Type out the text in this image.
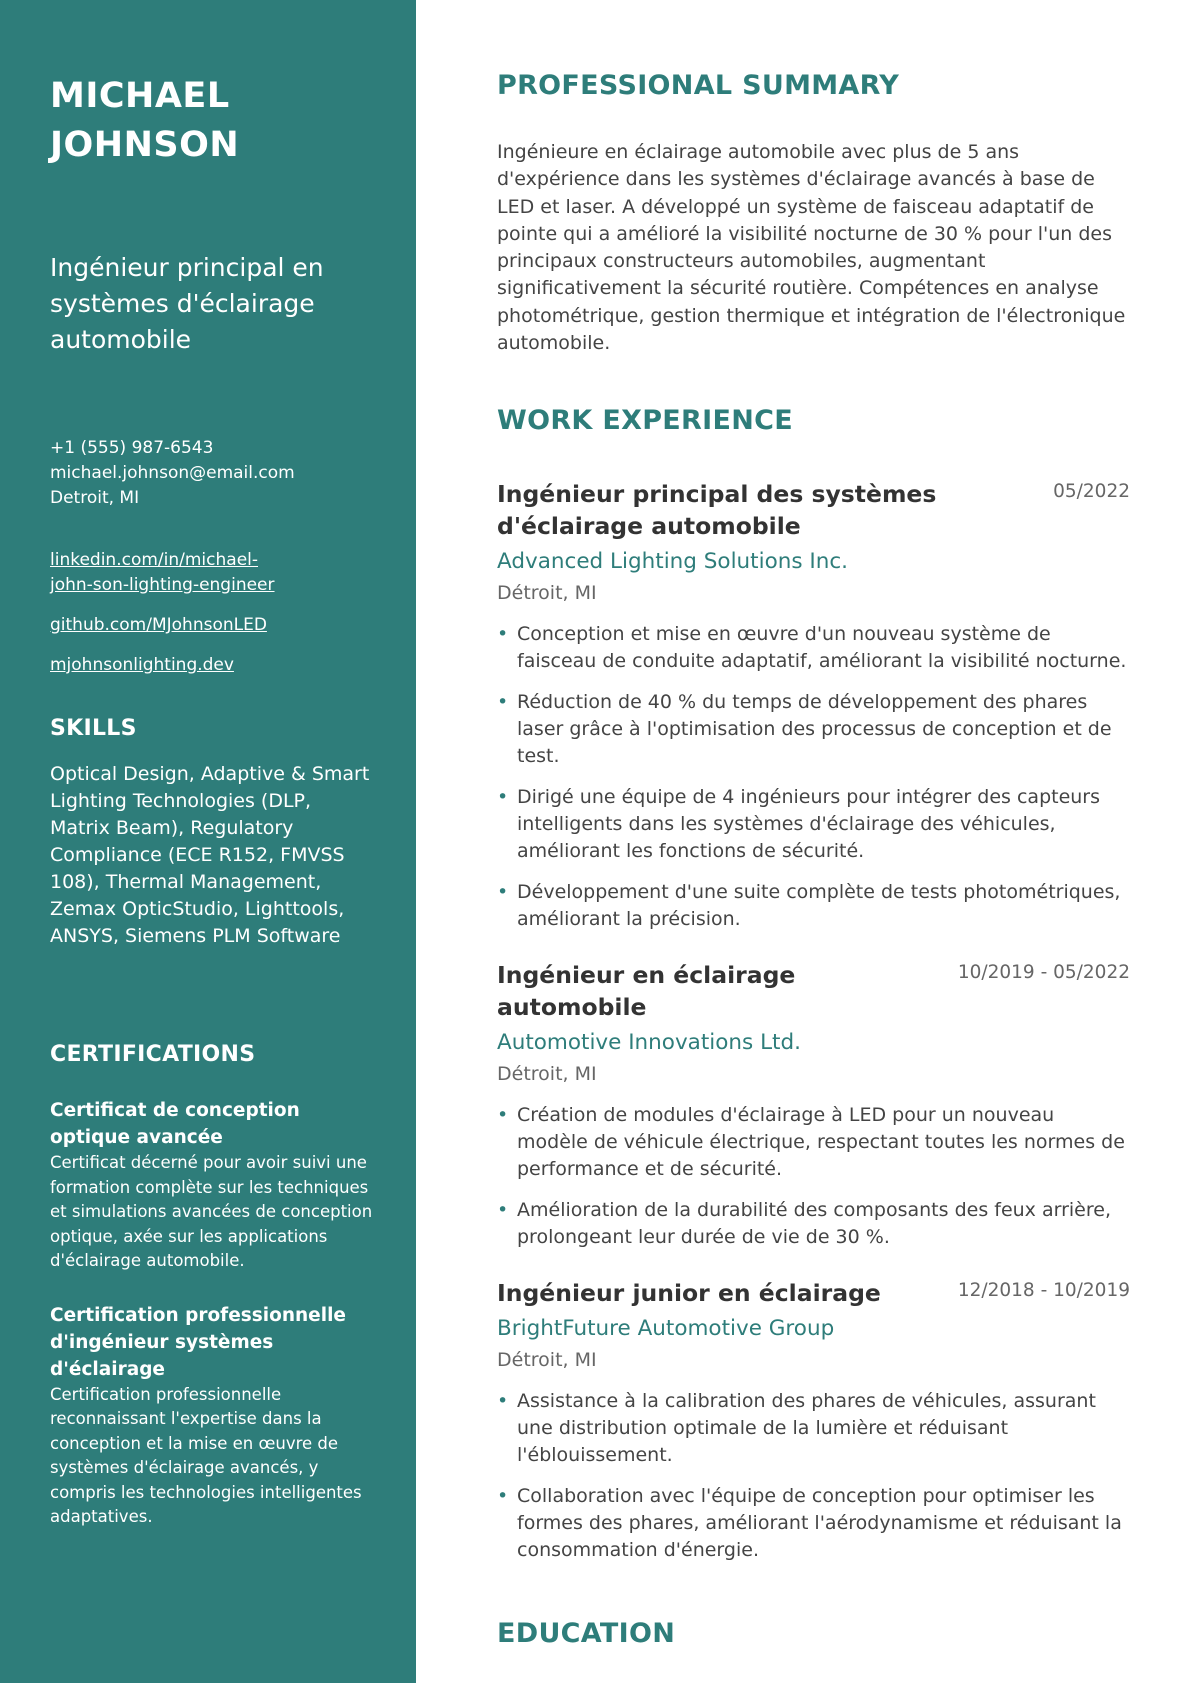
MICHAEL JOHNSON
Ingénieur principal en systèmes d'éclairage automobile
+1 (555) 987-6543
michael.johnson@email.com
Detroit, MI
linkedin.com/in/michael-john-son-lighting-engineer
github.com/MJohnsonLED
mjohnsonlighting.dev
SKILLS
Optical Design, Adaptive & Smart Lighting Technologies (DLP, Matrix Beam), Regulatory Compliance (ECE R152, FMVSS 108), Thermal Management, Zemax OpticStudio, Lighttools, ANSYS, Siemens PLM Software
CERTIFICATIONS
Certificat de conception optique avancée
Certificat décerné pour avoir suivi une formation complète sur les techniques et simulations avancées de conception optique, axée sur les applications d'éclairage automobile.
Certification professionnelle d'ingénieur systèmes d'éclairage
Certification professionnelle reconnaissant l'expertise dans la conception et la mise en œuvre de systèmes d'éclairage avancés, y compris les technologies intelligentes adaptatives.
PROFESSIONAL SUMMARY

Ingénieure en éclairage automobile avec plus de 5 ans d'expérience dans les systèmes d'éclairage avancés à base de LED et laser. A développé un système de faisceau adaptatif de pointe qui a amélioré la visibilité nocturne de 30 % pour l'un des principaux constructeurs automobiles, augmentant significativement la sécurité routière. Compétences en analyse photométrique, gestion thermique et intégration de l'électronique automobile.

WORK EXPERIENCE
Ingénieur principal des systèmes d'éclairage automobile
05/2022
Advanced Lighting Solutions Inc.
Détroit, MI
• Conception et mise en œuvre d'un nouveau système de faisceau de conduite adaptatif, améliorant la visibilité nocturne.
• Réduction de 40 % du temps de développement des phares laser grâce à l'optimisation des processus de conception et de test.
• Dirigé une équipe de 4 ingénieurs pour intégrer des capteurs intelligents dans les systèmes d'éclairage des véhicules, améliorant les fonctions de sécurité.
• Développement d'une suite complète de tests photométriques, améliorant la précision.
Ingénieur en éclairage automobile
10/2019 - 05/2022
Automotive Innovations Ltd.
Détroit, MI
• Création de modules d'éclairage à LED pour un nouveau modèle de véhicule électrique, respectant toutes les normes de performance et de sécurité.
• Amélioration de la durabilité des composants des feux arrière, prolongeant leur durée de vie de 30 %.
Ingénieur junior en éclairage	12/2018 - 10/2019
BrightFuture Automotive Group
Détroit, MI
• Assistance à la calibration des phares de véhicules, assurant une distribution optimale de la lumière et réduisant l'éblouissement.
• Collaboration avec l'équipe de conception pour optimiser les formes des phares, améliorant l'aérodynamisme et réduisant la consommation d'énergie.
EDUCATION
